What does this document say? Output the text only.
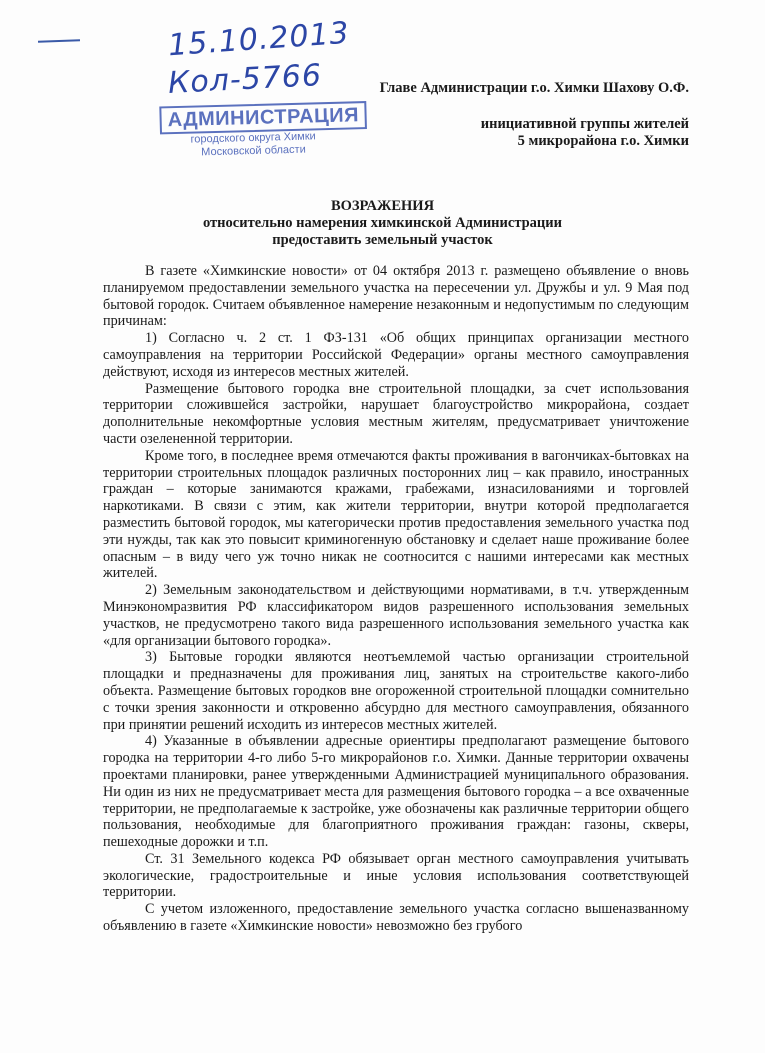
15.10.2013
Кол-5766
АДМИНИСТРАЦИЯ
городского округа Химки
Московской области
Главе Администрации г.о. Химки Шахову О.Ф.
инициативной группы жителей
5 микрорайона г.о. Химки
ВОЗРАЖЕНИЯ
относительно намерения химкинской Администрации
предоставить земельный участок

В газете «Химкинские новости» от 04 октября 2013 г. размещено объявление о вновь планируемом предоставлении земельного участка на пересечении ул. Дружбы и ул. 9 Мая под бытовой городок. Считаем объявленное намерение незаконным и недопустимым по следующим причинам:

1) Согласно ч. 2 ст. 1 ФЗ-131 «Об общих принципах организации местного самоуправления на территории Российской Федерации» органы местного самоуправления действуют, исходя из интересов местных жителей.

Размещение бытового городка вне строительной площадки, за счет использования территории сложившейся застройки, нарушает благоустройство микрорайона, создает дополнительные некомфортные условия местным жителям, предусматривает уничтожение части озелененной территории.

Кроме того, в последнее время отмечаются факты проживания в вагончиках-бытовках на территории строительных площадок различных посторонних лиц – как правило, иностранных граждан – которые занимаются кражами, грабежами, изнасилованиями и торговлей наркотиками. В связи с этим, как жители территории, внутри которой предполагается разместить бытовой городок, мы категорически против предоставления земельного участка под эти нужды, так как это повысит криминогенную обстановку и сделает наше проживание более опасным – в виду чего уж точно никак не соотносится с нашими интересами как местных жителей.

2) Земельным законодательством и действующими нормативами, в т.ч. утвержденным Минэкономразвития РФ классификатором видов разрешенного использования земельных участков, не предусмотрено такого вида разрешенного использования земельного участка как «для организации бытового городка».

3) Бытовые городки являются неотъемлемой частью организации строительной площадки и предназначены для проживания лиц, занятых на строительстве какого-либо объекта. Размещение бытовых городков вне огороженной строительной площадки сомнительно с точки зрения законности и откровенно абсурдно для местного самоуправления, обязанного при принятии решений исходить из интересов местных жителей.

4) Указанные в объявлении адресные ориентиры предполагают размещение бытового городка на территории 4-го либо 5-го микрорайонов г.о. Химки. Данные территории охвачены проектами планировки, ранее утвержденными Администрацией муниципального образования. Ни один из них не предусматривает места для размещения бытового городка – а все охваченные территории, не предполагаемые к застройке, уже обозначены как различные территории общего пользования, необходимые для благоприятного проживания граждан: газоны, скверы, пешеходные дорожки и т.п.

Ст. 31 Земельного кодекса РФ обязывает орган местного самоуправления учитывать экологические, градостроительные и иные условия использования соответствующей территории.

С учетом изложенного, предоставление земельного участка согласно вышеназванному объявлению в газете «Химкинские новости» невозможно без грубого
